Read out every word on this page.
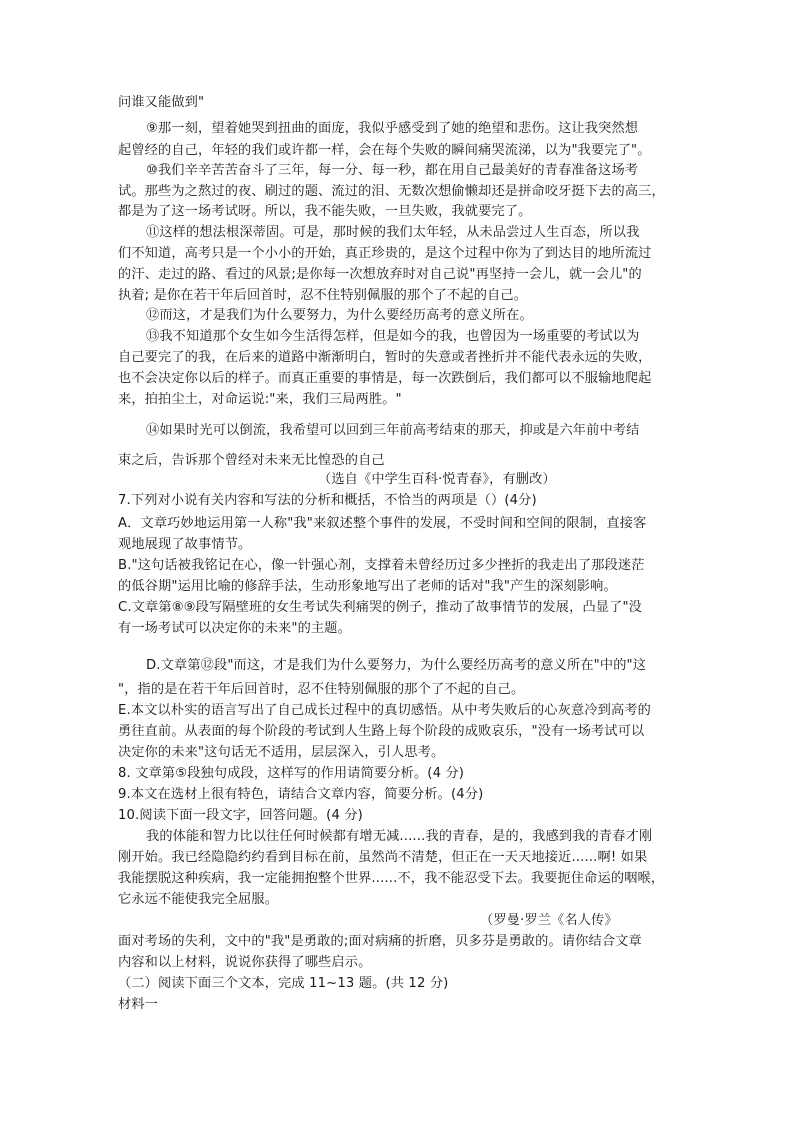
问谁又能做到"
⑨那一刻，望着她哭到扭曲的面庞，我似乎感受到了她的绝望和悲伤。这让我突然想
起曾经的自己，年轻的我们或许都一样，会在每个失败的瞬间痛哭流涕，以为"我要完了"。
⑩我们辛辛苦苦奋斗了三年，每一分、每一秒，都在用自己最美好的青春准备这场考
试。那些为之熬过的夜、刷过的题、流过的泪、无数次想偷懒却还是拼命咬牙挺下去的高三，
都是为了这一场考试呀。所以，我不能失败，一旦失败，我就要完了。
⑪这样的想法根深蒂固。可是，那时候的我们太年轻，从未品尝过人生百态，所以我
们不知道，高考只是一个小小的开始，真正珍贵的，是这个过程中你为了到达目的地所流过
的汗、走过的路、看过的风景;是你每一次想放弃时对自己说"再坚持一会儿，就一会儿"的
执着; 是你在若干年后回首时，忍不住特别佩服的那个了不起的自己。
⑫而这，才是我们为什么要努力，为什么要经历高考的意义所在。
⑬我不知道那个女生如今生活得怎样，但是如今的我，也曾因为一场重要的考试以为
自己要完了的我，在后来的道路中渐渐明白，暂时的失意或者挫折并不能代表永远的失败，
也不会决定你以后的样子。而真正重要的事情是，每一次跌倒后，我们都可以不服输地爬起
来，拍拍尘土，对命运说:"来，我们三局两胜。"
⑭如果时光可以倒流，我希望可以回到三年前高考结束的那天，抑或是六年前中考结
束之后，告诉那个曾经对未来无比惶恐的自己
（选自《中学生百科·悦青春》，有删改）
7.下列对小说有关内容和写法的分析和概括，不恰当的两项是（）(4分)
A．文章巧妙地运用第一人称"我"来叙述整个事件的发展，不受时间和空间的限制，直接客
观地展现了故事情节。
B."这句话被我铭记在心，像一针强心剂，支撑着未曾经历过多少挫折的我走出了那段迷茫
的低谷期"运用比喻的修辞手法，生动形象地写出了老师的话对"我"产生的深刻影响。
C.文章第⑧⑨段写隔壁班的女生考试失利痛哭的例子，推动了故事情节的发展，凸显了"没
有一场考试可以决定你的未来"的主题。
D.文章第⑫段"而这，才是我们为什么要努力，为什么要经历高考的意义所在"中的"这
"，指的是在若干年后回首时，忍不住特别佩服的那个了不起的自己。
E.本文以朴实的语言写出了自己成长过程中的真切感悟。从中考失败后的心灰意冷到高考的
勇往直前。从表面的每个阶段的考试到人生路上每个阶段的成败哀乐，"没有一场考试可以
决定你的未来"这句话无不适用，层层深入，引人思考。
8. 文章第⑤段独句成段，这样写的作用请简要分析。(4 分)
9.本文在选材上很有特色，请结合文章内容，简要分析。(4分)
10.阅读下面一段文字，回答问题。(4 分)
我的体能和智力比以往任何时候都有增无减......我的青春，是的，我感到我的青春才刚
刚开始。我已经隐隐约约看到目标在前，虽然尚不清楚，但正在一天天地接近......啊! 如果
我能摆脱这种疾病，我一定能拥抱整个世界......不，我不能忍受下去。我要扼住命运的咽喉，
它永远不能使我完全屈服。
（罗曼·罗兰《名人传》
面对考场的失利，文中的"我"是勇敢的;面对病痛的折磨，贝多芬是勇敢的。请你结合文章
内容和以上材料，说说你获得了哪些启示。
（二）阅读下面三个文本，完成 11~13 题。(共 12 分)
材料一
